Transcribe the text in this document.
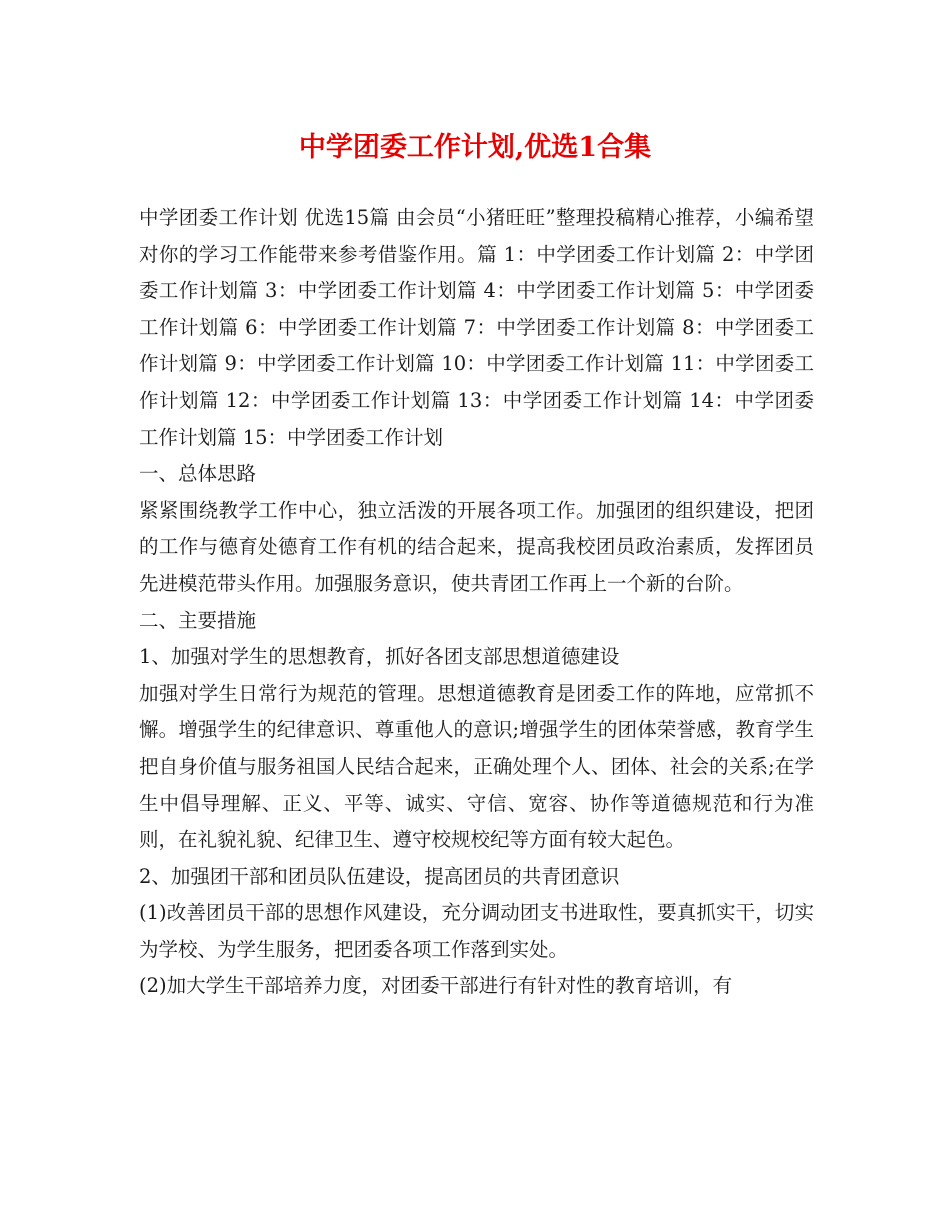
中学团委工作计划,优选1合集

中学团委工作计划 优选15篇 由会员“小猪旺旺”整理投稿精心推荐，小编希望对你的学习工作能带来参考借鉴作用。篇 1：中学团委工作计划篇 2：中学团委工作计划篇 3：中学团委工作计划篇 4：中学团委工作计划篇 5：中学团委工作计划篇 6：中学团委工作计划篇 7：中学团委工作计划篇 8：中学团委工作计划篇 9：中学团委工作计划篇 10：中学团委工作计划篇 11：中学团委工作计划篇 12：中学团委工作计划篇 13：中学团委工作计划篇 14：中学团委工作计划篇 15：中学团委工作计划

一、总体思路

紧紧围绕教学工作中心，独立活泼的开展各项工作。加强团的组织建设，把团的工作与德育处德育工作有机的结合起来，提高我校团员政治素质，发挥团员先进模范带头作用。加强服务意识，使共青团工作再上一个新的台阶。

二、主要措施

1、加强对学生的思想教育，抓好各团支部思想道德建设

加强对学生日常行为规范的管理。思想道德教育是团委工作的阵地，应常抓不懈。增强学生的纪律意识、尊重他人的意识;增强学生的团体荣誉感，教育学生把自身价值与服务祖国人民结合起来，正确处理个人、团体、社会的关系;在学生中倡导理解、正义、平等、诚实、守信、宽容、协作等道德规范和行为准则，在礼貌礼貌、纪律卫生、遵守校规校纪等方面有较大起色。

2、加强团干部和团员队伍建设，提高团员的共青团意识

(1)改善团员干部的思想作风建设，充分调动团支书进取性，要真抓实干，切实为学校、为学生服务，把团委各项工作落到实处。

(2)加大学生干部培养力度，对团委干部进行有针对性的教育培训，有
